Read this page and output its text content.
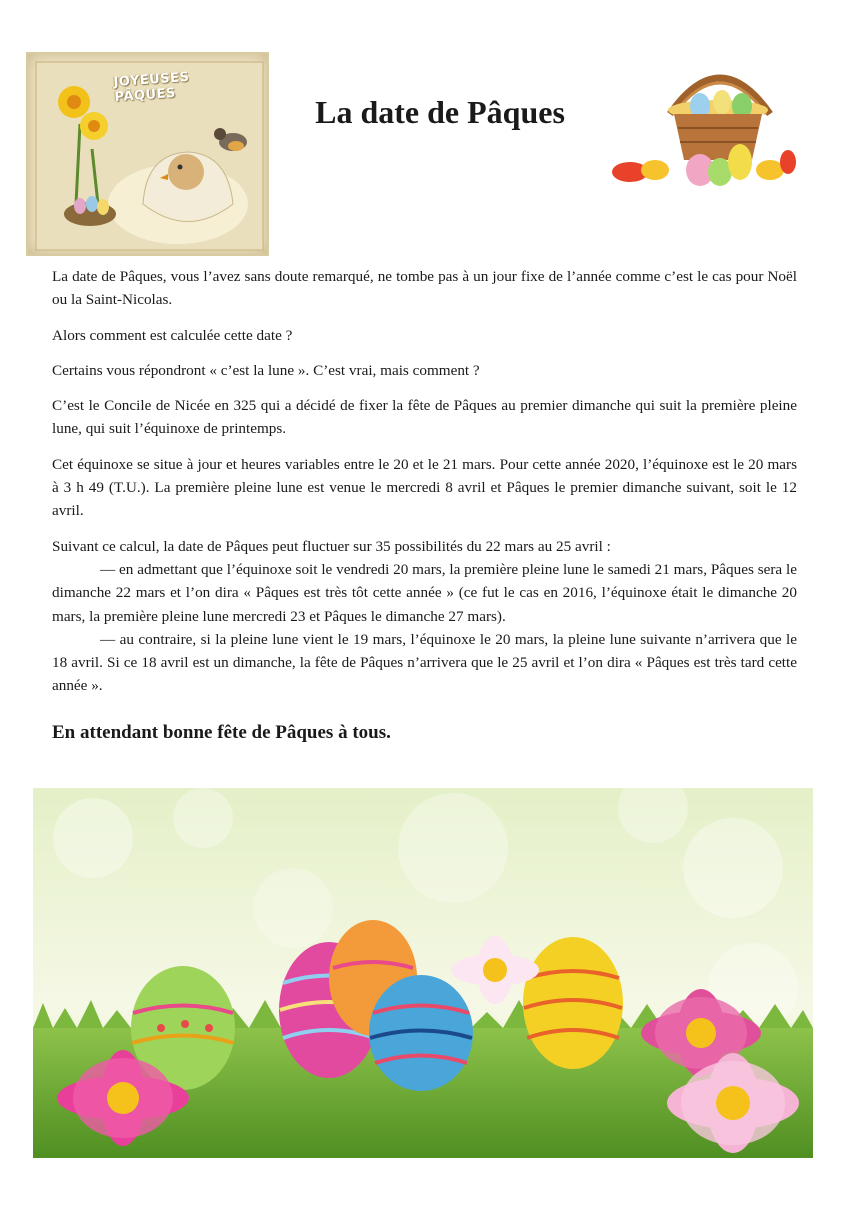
JOYEUSES
PÂQUES	La date de Pâques

La date de Pâques, vous l’avez sans doute remarqué, ne tombe pas à un jour fixe de l’année comme c’est le cas pour Noël ou la Saint-Nicolas.

Alors comment est calculée cette date ?

Certains vous répondront « c’est la lune ». C’est vrai, mais comment ?

C’est le Concile de Nicée en 325 qui a décidé de fixer la fête de Pâques au premier dimanche qui suit la première pleine lune, qui suit l’équinoxe de printemps.

Cet équinoxe se situe à jour et heures variables entre le 20 et le 21 mars. Pour cette année 2020, l’équinoxe est le 20 mars à 3 h 49 (T.U.). La première pleine lune est venue le mercredi 8 avril et Pâques le premier dimanche suivant, soit le 12 avril.

Suivant ce calcul, la date de Pâques peut fluctuer sur 35 possibilités du 22 mars au 25 avril :

— en admettant que l’équinoxe soit le vendredi 20 mars, la première pleine lune le samedi 21 mars, Pâques sera le dimanche 22 mars et l’on dira « Pâques est très tôt cette année » (ce fut le cas en 2016, l’équinoxe était le dimanche 20 mars, la première pleine lune mercredi 23 et Pâques le dimanche 27 mars).

— au contraire, si la pleine lune vient le 19 mars, l’équinoxe le 20 mars, la pleine lune suivante n’arrivera que le 18 avril. Si ce 18 avril est un dimanche, la fête de Pâques n’arrivera que le 25 avril et l’on dira « Pâques est très tard cette année ».

En attendant bonne fête de Pâques à tous.
